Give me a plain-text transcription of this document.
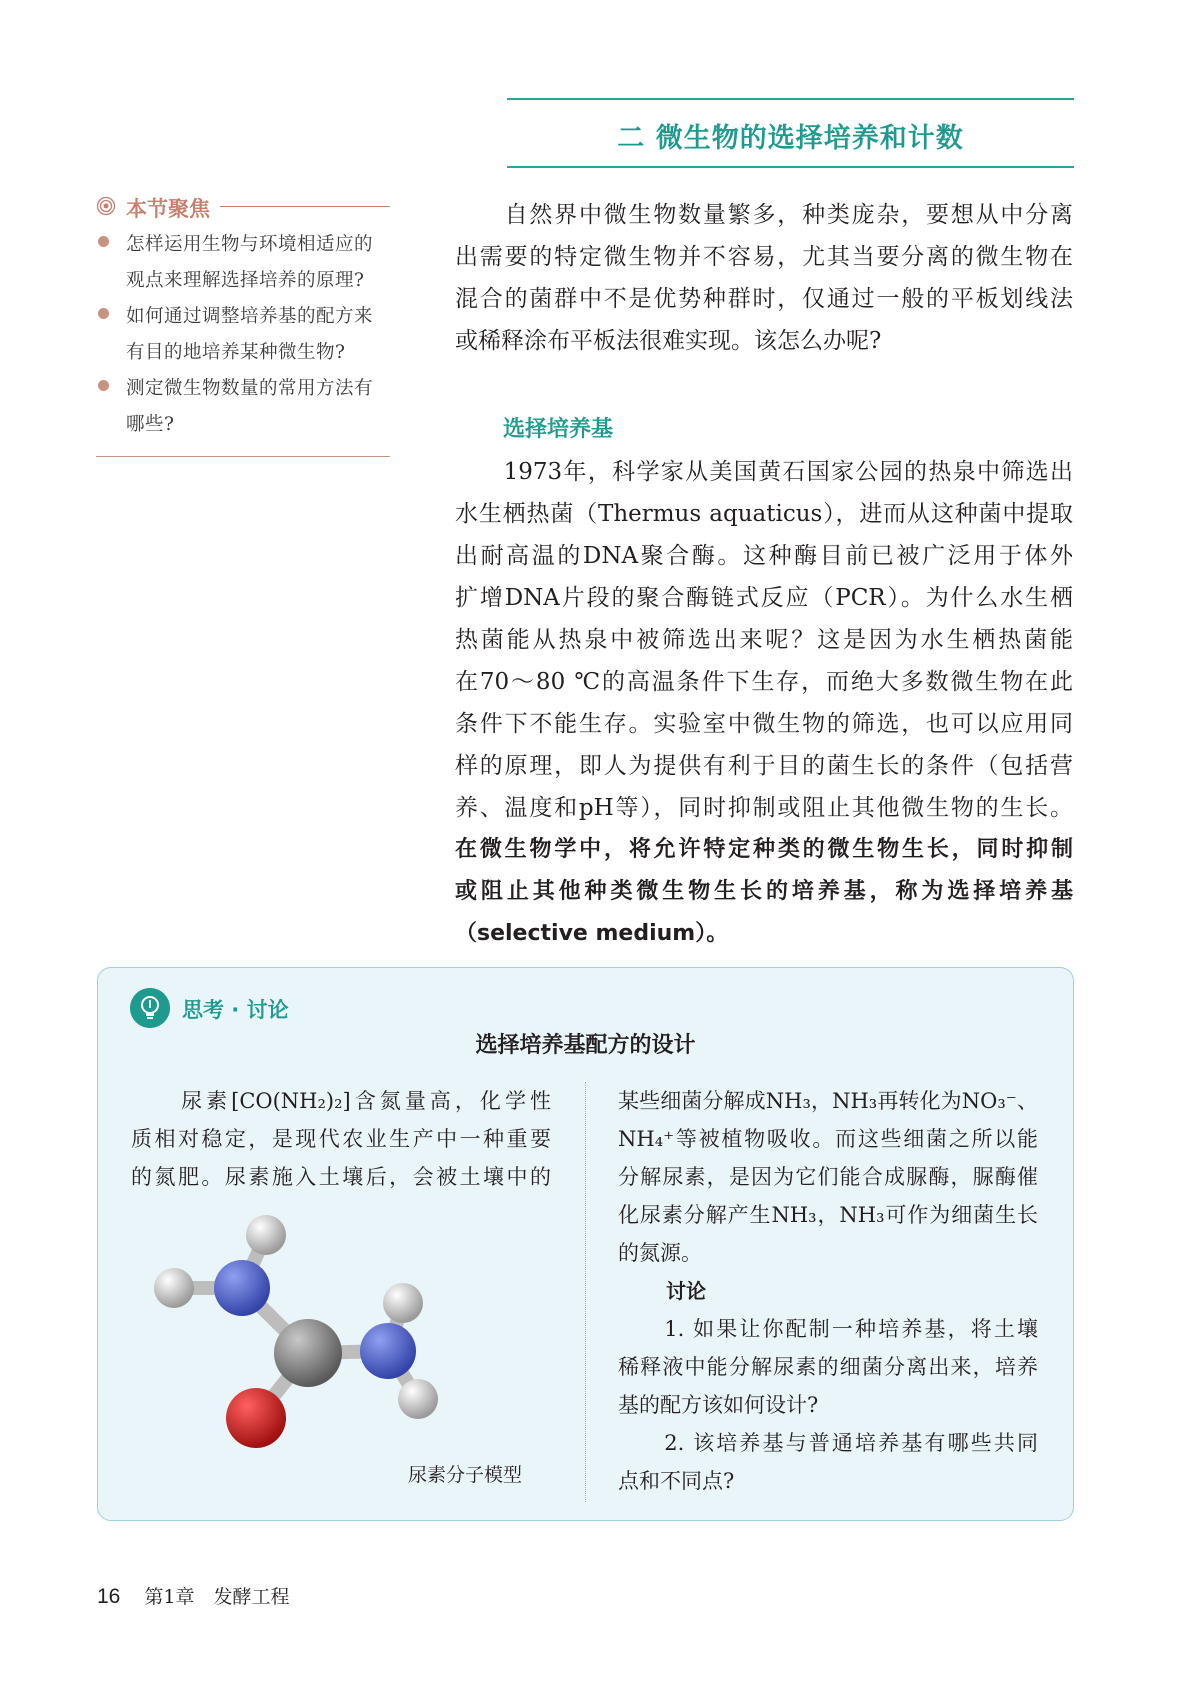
二 微生物的选择培养和计数
本节聚焦
怎样运用生物与环境相适应的
观点来理解选择培养的原理?
如何通过调整培养基的配方来
有目的地培养某种微生物?
测定微生物数量的常用方法有
哪些?
　　自然界中微生物数量繁多，种类庞杂，要想从中分离
出需要的特定微生物并不容易，尤其当要分离的微生物在
混合的菌群中不是优势种群时，仅通过一般的平板划线法
或稀释涂布平板法很难实现。该怎么办呢?
选择培养基
　　1973年，科学家从美国黄石国家公园的热泉中筛选出
水生栖热菌（Thermus aquaticus），进而从这种菌中提取
出耐高温的DNA聚合酶。这种酶目前已被广泛用于体外
扩增DNA片段的聚合酶链式反应（PCR）。为什么水生栖
热菌能从热泉中被筛选出来呢？这是因为水生栖热菌能
在70～80 ℃的高温条件下生存，而绝大多数微生物在此
条件下不能生存。实验室中微生物的筛选，也可以应用同
样的原理，即人为提供有利于目的菌生长的条件（包括营
养、温度和pH等），同时抑制或阻止其他微生物的生长。
在微生物学中，将允许特定种类的微生物生长，同时抑制
或阻止其他种类微生物生长的培养基，称为选择培养基
（selective medium）。
思考 · 讨论
选择培养基配方的设计
　　尿素[CO(NH₂)₂]含氮量高，化学性
质相对稳定，是现代农业生产中一种重要
的氮肥。尿素施入土壤后，会被土壤中的
尿素分子模型
某些细菌分解成NH₃，NH₃再转化为NO₃⁻、
NH₄⁺等被植物吸收。而这些细菌之所以能
分解尿素，是因为它们能合成脲酶，脲酶催
化尿素分解产生NH₃，NH₃可作为细菌生长
的氮源。
讨论
　　1. 如果让你配制一种培养基，将土壤
稀释液中能分解尿素的细菌分离出来，培养
基的配方该如何设计?
　　2. 该培养基与普通培养基有哪些共同
点和不同点?
16 第1章　发酵工程
